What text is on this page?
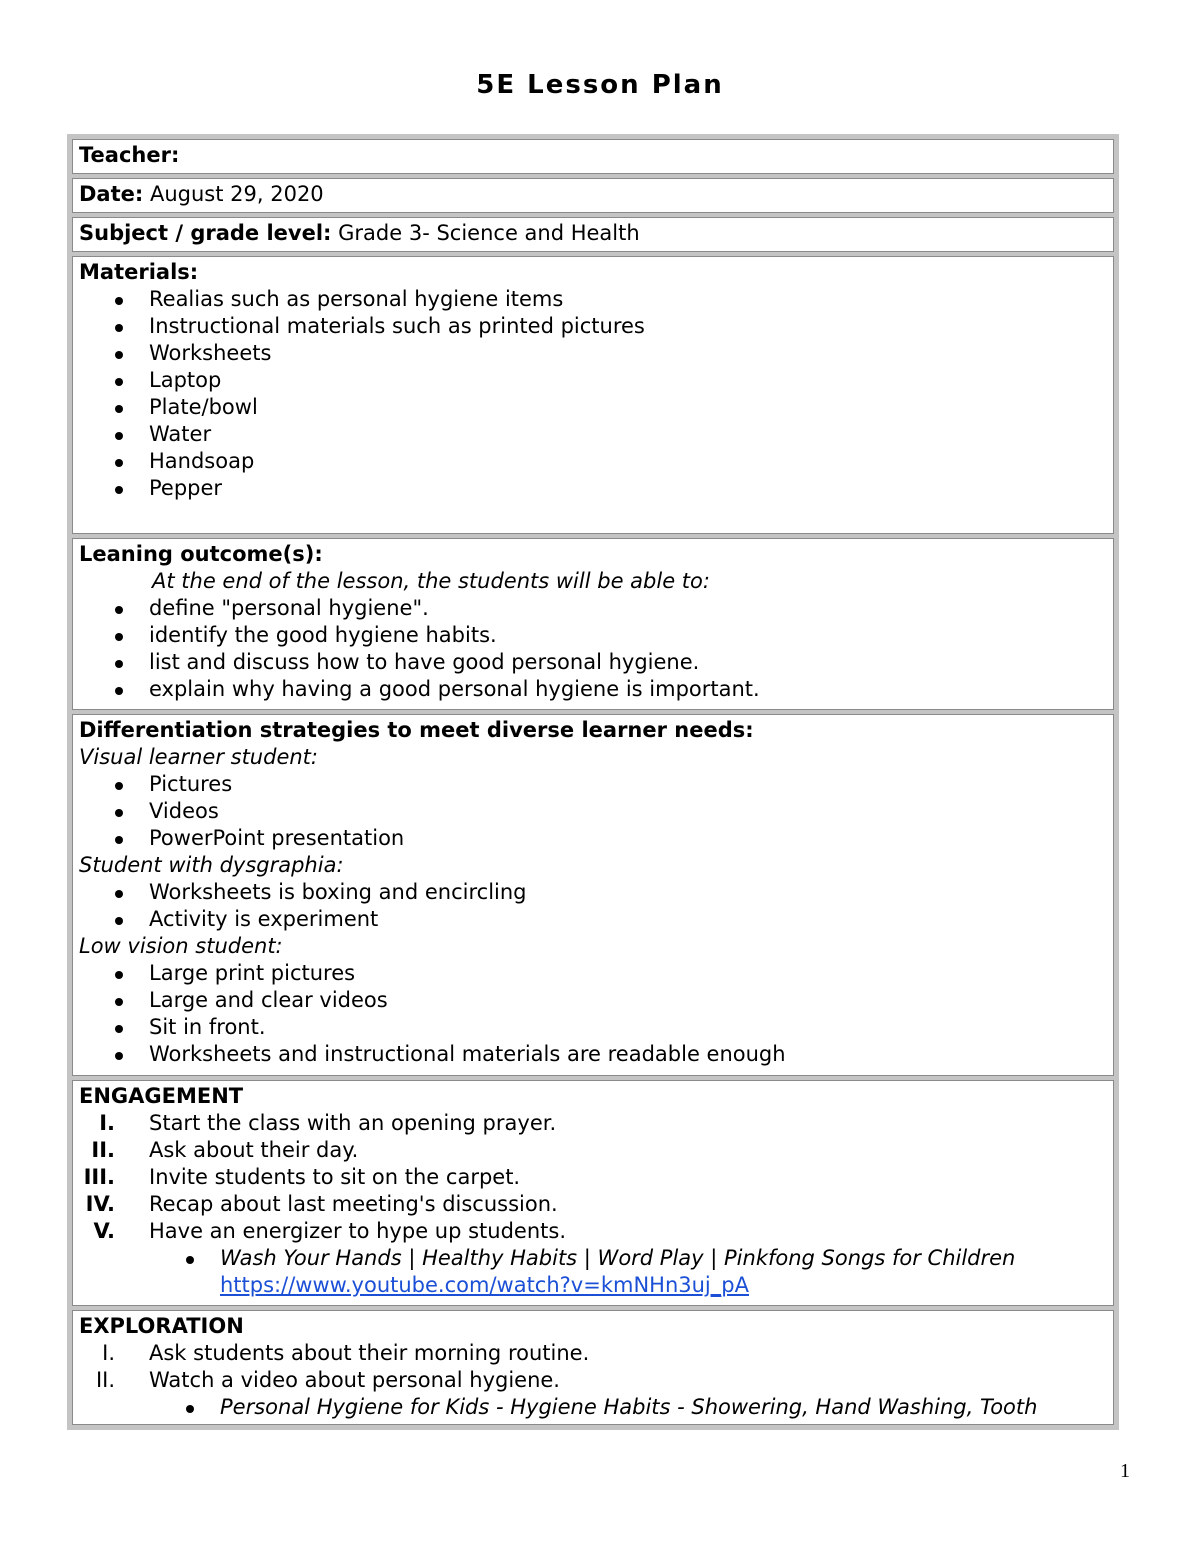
5E Lesson Plan
Teacher:
Date: August 29, 2020
Subject / grade level: Grade 3- Science and Health
Materials:
Realias such as personal hygiene items
Instructional materials such as printed pictures
Worksheets
Laptop
Plate/bowl
Water
Handsoap
Pepper
Leaning outcome(s):
At the end of the lesson, the students will be able to:
define "personal hygiene".
identify the good hygiene habits.
list and discuss how to have good personal hygiene.
explain why having a good personal hygiene is important.
Differentiation strategies to meet diverse learner needs:
Visual learner student:
Pictures
Videos
PowerPoint presentation
Student with dysgraphia:
Worksheets is boxing and encircling
Activity is experiment
Low vision student:
Large print pictures
Large and clear videos
Sit in front.
Worksheets and instructional materials are readable enough
ENGAGEMENT
I. Start the class with an opening prayer.
II. Ask about their day.
III. Invite students to sit on the carpet.
IV. Recap about last meeting's discussion.
V. Have an energizer to hype up students.
Wash Your Hands | Healthy Habits | Word Play | Pinkfong Songs for Children
https://www.youtube.com/watch?v=kmNHn3uj_pA
EXPLORATION
I. Ask students about their morning routine.
II. Watch a video about personal hygiene.
Personal Hygiene for Kids - Hygiene Habits - Showering, Hand Washing, Tooth
1
